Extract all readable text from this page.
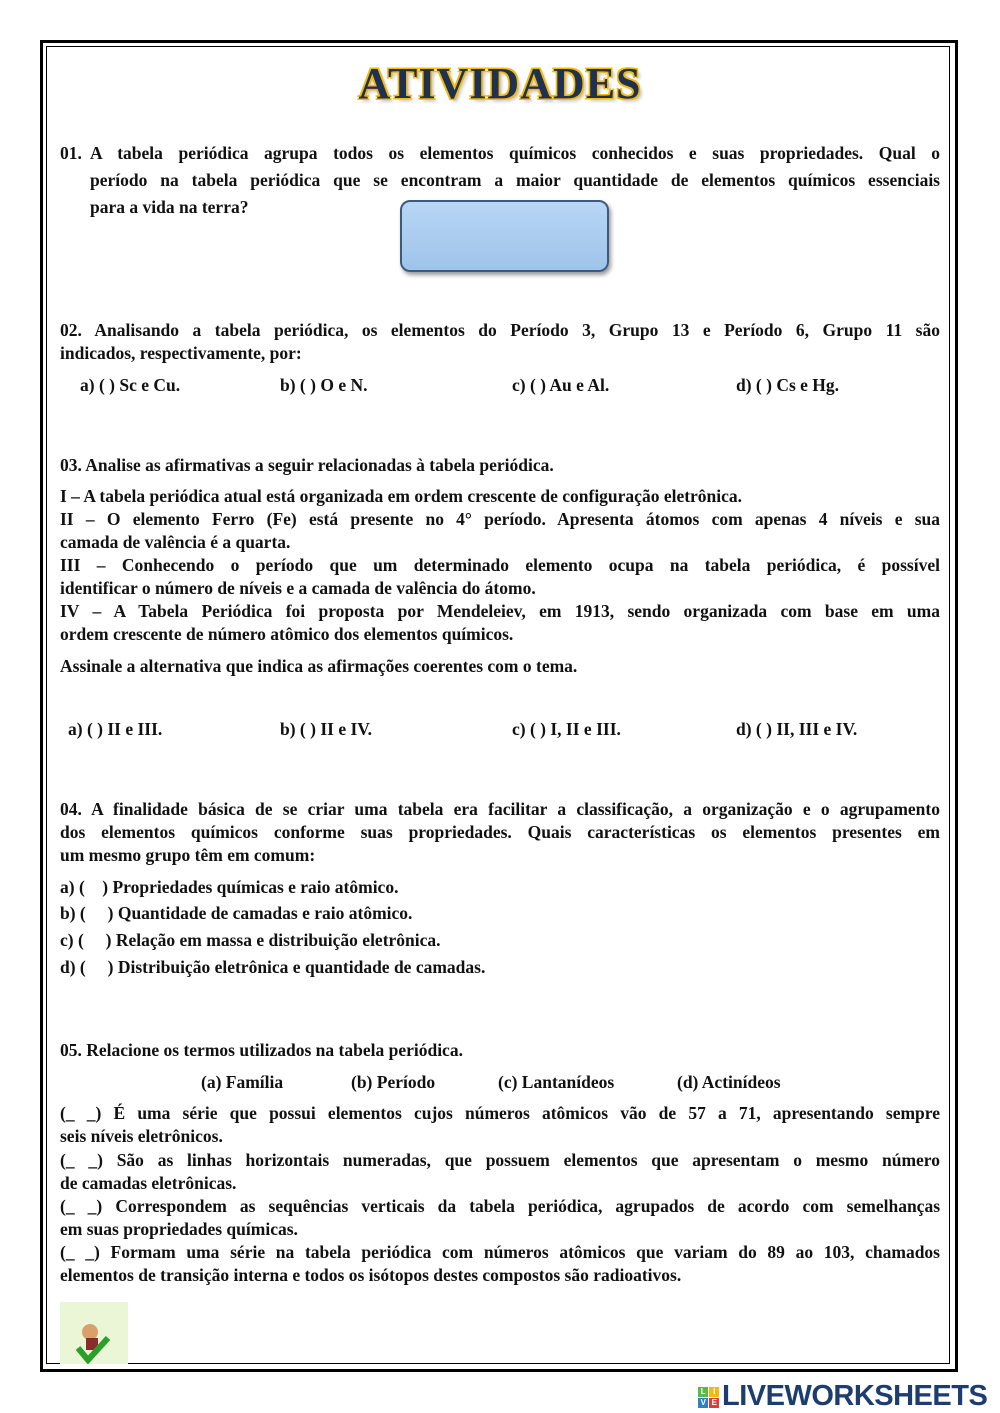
ATIVIDADES
01. A tabela periódica agrupa todos os elementos químicos conhecidos e suas propriedades. Qual o
período na tabela periódica que se encontram a maior quantidade de elementos químicos essenciais
para a vida na terra?
02. Analisando a tabela periódica, os elementos do Período 3, Grupo 13 e Período 6, Grupo 11 são
indicados, respectivamente, por:
a) ( ) Sc e Cu.	b) ( ) O e N.	c) ( ) Au e Al.	d) ( ) Cs e Hg.
03. Analise as afirmativas a seguir relacionadas à tabela periódica.
I – A tabela periódica atual está organizada em ordem crescente de configuração eletrônica.
II – O elemento Ferro (Fe) está presente no 4° período. Apresenta átomos com apenas 4 níveis e sua
camada de valência é a quarta.
III – Conhecendo o período que um determinado elemento ocupa na tabela periódica, é possível
identificar o número de níveis e a camada de valência do átomo.
IV – A Tabela Periódica foi proposta por Mendeleiev, em 1913, sendo organizada com base em uma
ordem crescente de número atômico dos elementos químicos.
Assinale a alternativa que indica as afirmações coerentes com o tema.
a) ( ) II e III.	b) ( ) II e IV.	c) ( ) I, II e III.	d) ( ) II, III e IV.
04. A finalidade básica de se criar uma tabela era facilitar a classificação, a organização e o agrupamento
dos elementos químicos conforme suas propriedades. Quais características os elementos presentes em
um mesmo grupo têm em comum:
a) (    ) Propriedades químicas e raio atômico.
b) (     ) Quantidade de camadas e raio atômico.
c) (     ) Relação em massa e distribuição eletrônica.
d) (     ) Distribuição eletrônica e quantidade de camadas.
05. Relacione os termos utilizados na tabela periódica.
(a) Família	(b) Período	(c) Lantanídeos	(d) Actinídeos
(_ _) É uma série que possui elementos cujos números atômicos vão de 57 a 71, apresentando sempre
seis níveis eletrônicos.
(_ _) São as linhas horizontais numeradas, que possuem elementos que apresentam o mesmo número
de camadas eletrônicas.
(_ _) Correspondem as sequências verticais da tabela periódica, agrupados de acordo com semelhanças
em suas propriedades químicas.
(_ _) Formam uma série na tabela periódica com números atômicos que variam do 89 ao 103, chamados
elementos de transição interna e todos os isótopos destes compostos são radioativos.
L I
V E LIVEWORKSHEETS
